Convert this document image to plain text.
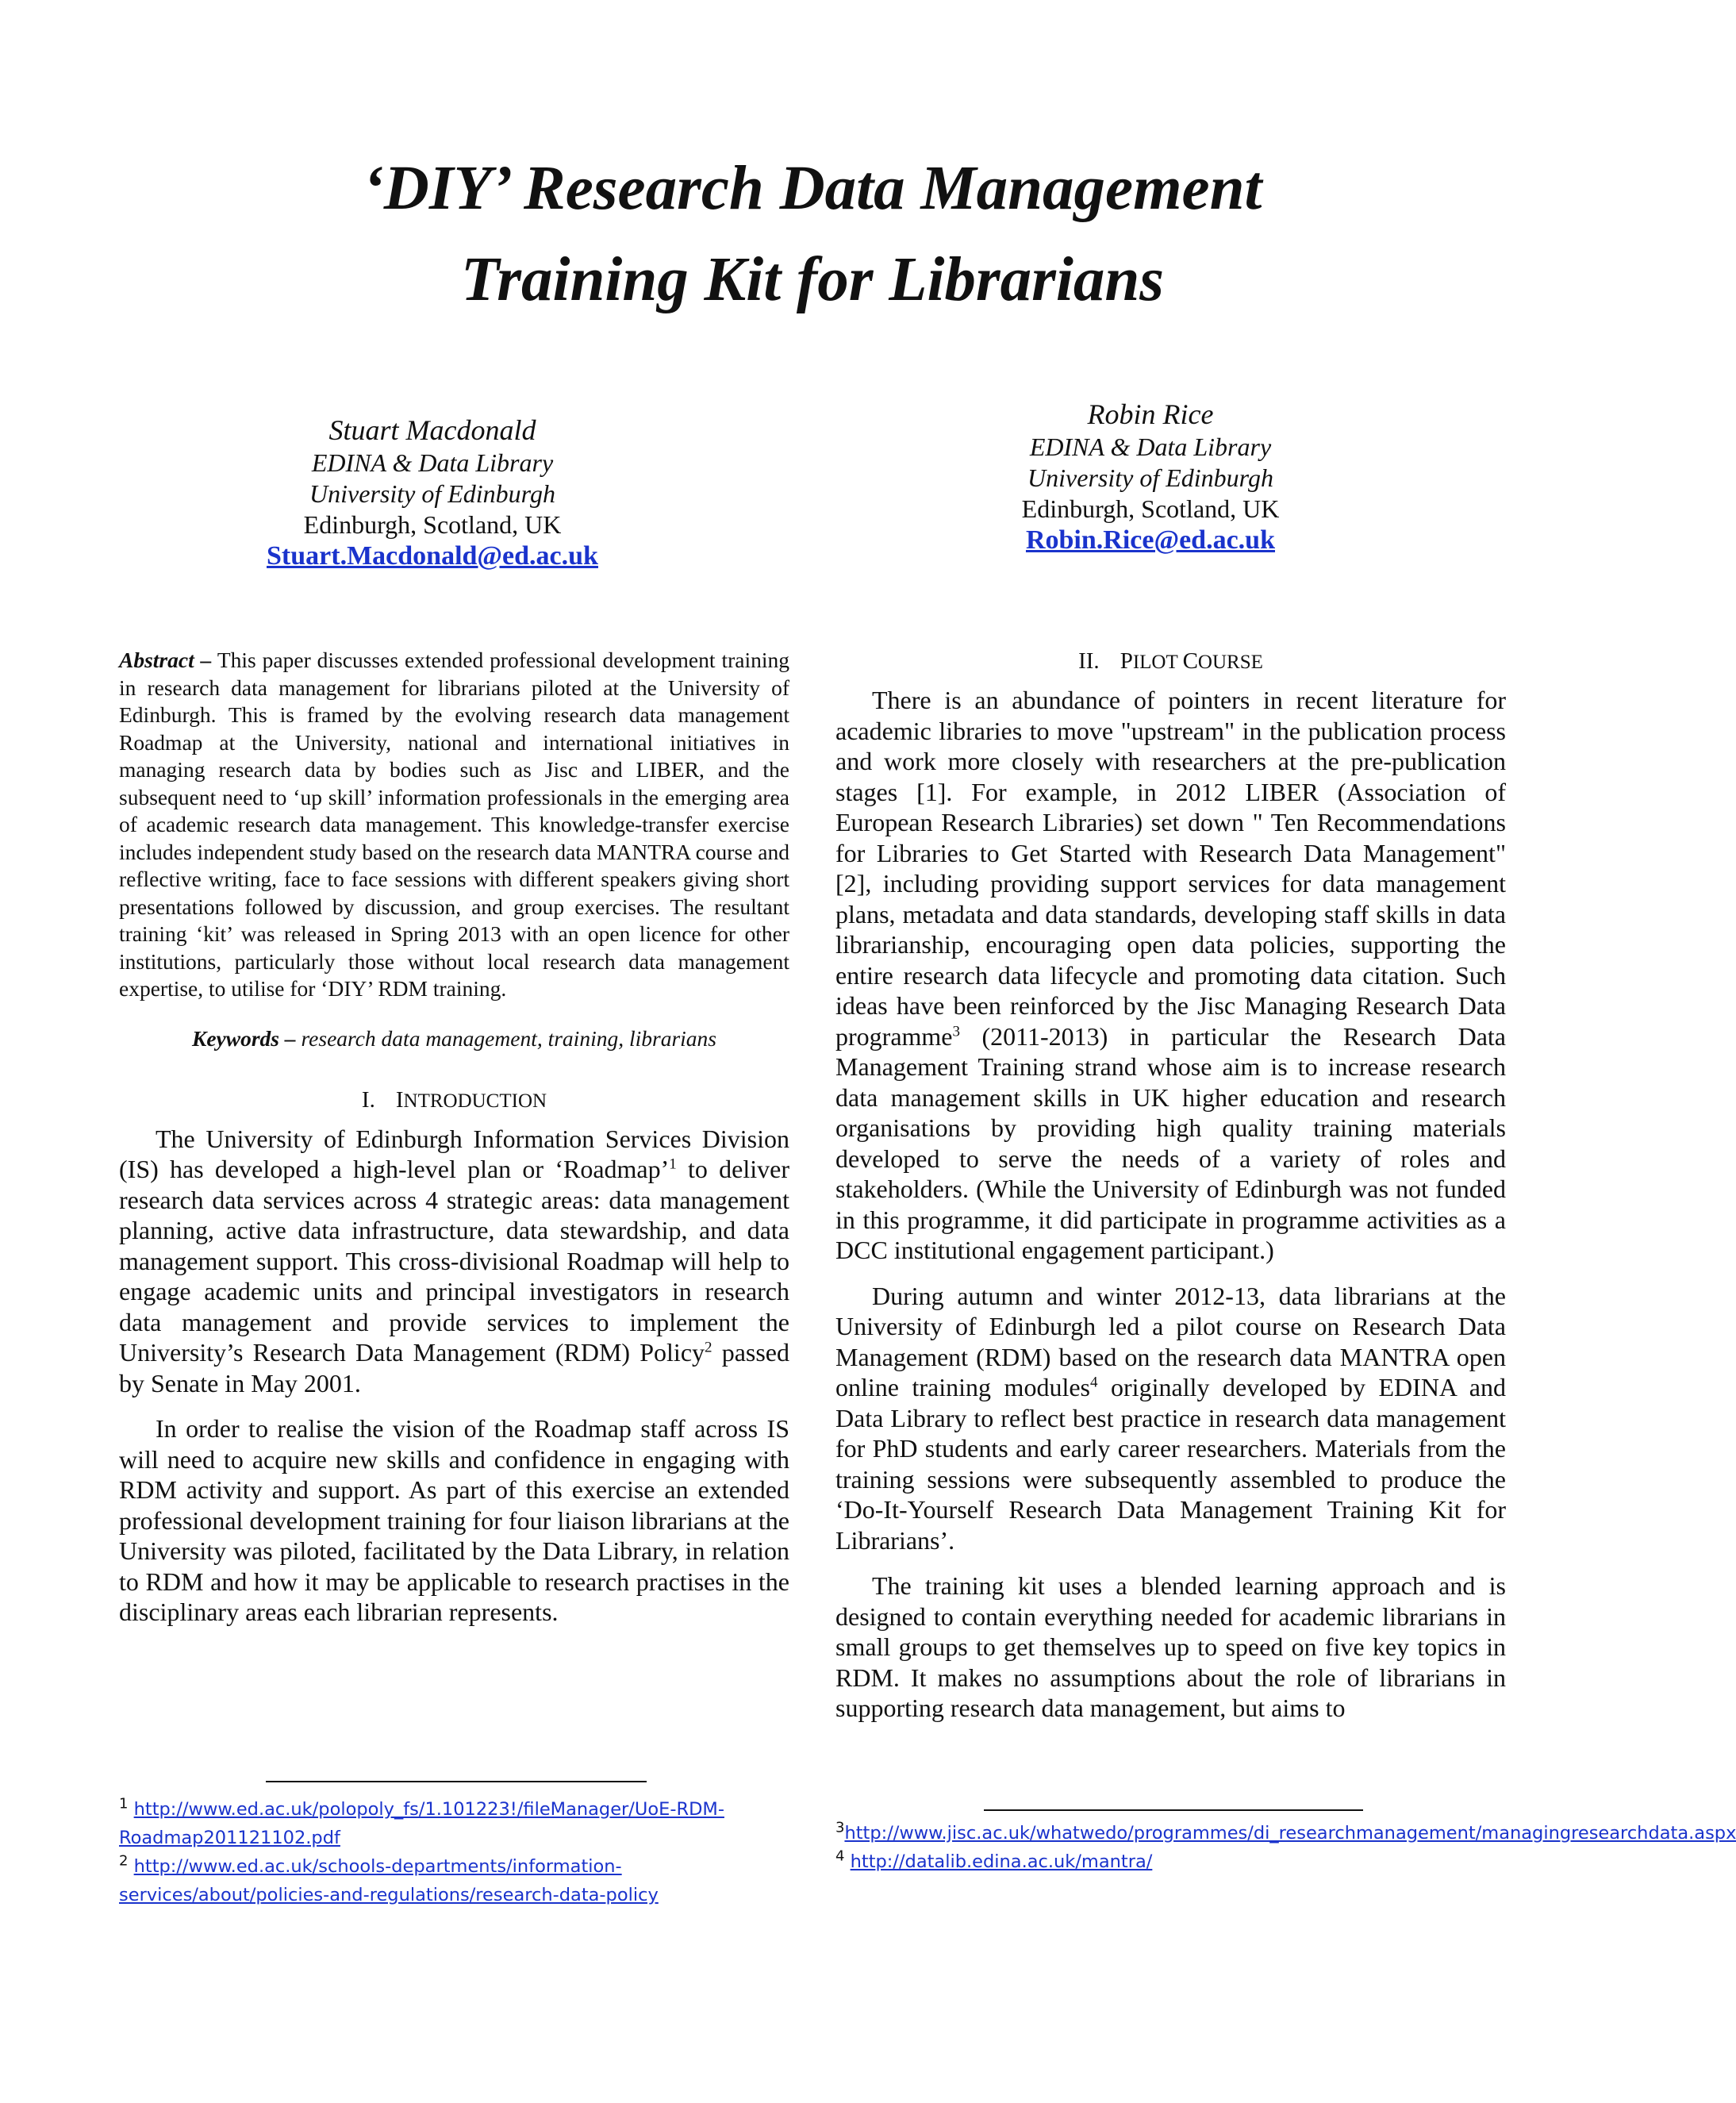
‘DIY’ Research Data Management
Training Kit for Librarians
Stuart Macdonald
EDINA & Data Library
University of Edinburgh
Edinburgh, Scotland, UK
Stuart.Macdonald@ed.ac.uk
Robin Rice
EDINA & Data Library
University of Edinburgh
Edinburgh, Scotland, UK
Robin.Rice@ed.ac.uk

Abstract – This paper discusses extended professional development training in research data management for librarians piloted at the University of Edinburgh. This is framed by the evolving research data management Roadmap at the University, national and international initiatives in managing research data by bodies such as Jisc and LIBER, and the subsequent need to ‘up skill’ information professionals in the emerging area of academic research data management. This knowledge-transfer exercise includes independent study based on the research data MANTRA course and reflective writing, face to face sessions with different speakers giving short presentations followed by discussion, and group exercises. The resultant training ‘kit’ was released in Spring 2013 with an open licence for other institutions, particularly those without local research data management expertise, to utilise for ‘DIY’ RDM training.

Keywords – research data management, training, librarians

I. INTRODUCTION

The University of Edinburgh Information Services Division (IS) has developed a high-level plan or ‘Roadmap’$^1$ to deliver research data services across 4 strategic areas: data management planning, active data infrastructure, data stewardship, and data management support. This cross-divisional Roadmap will help to engage academic units and principal investigators in research data management and provide services to implement the University’s Research Data Management (RDM) Policy$^2$ passed by Senate in May 2001.

In order to realise the vision of the Roadmap staff across IS will need to acquire new skills and confidence in engaging with RDM activity and support. As part of this exercise an extended professional development training for four liaison librarians at the University was piloted, facilitated by the Data Library, in relation to RDM and how it may be applicable to research practises in the disciplinary areas each librarian represents.

II. PILOT COURSE

There is an abundance of pointers in recent literature for academic libraries to move "upstream" in the publication process and work more closely with researchers at the pre-publication stages [1]. For example, in 2012 LIBER (Association of European Research Libraries) set down " Ten Recommendations for Libraries to Get Started with Research Data Management" [2], including providing support services for data management plans, metadata and data standards, developing staff skills in data librarianship, encouraging open data policies, supporting the entire research data lifecycle and promoting data citation. Such ideas have been reinforced by the Jisc Managing Research Data programme$^3$ (2011-2013) in particular the Research Data Management Training strand whose aim is to increase research data management skills in UK higher education and research organisations by providing high quality training materials developed to serve the needs of a variety of roles and stakeholders. (While the University of Edinburgh was not funded in this programme, it did participate in programme activities as a DCC institutional engagement participant.)

During autumn and winter 2012-13, data librarians at the University of Edinburgh led a pilot course on Research Data Management (RDM) based on the research data MANTRA open online training modules$^4$ originally developed by EDINA and Data Library to reflect best practice in research data management for PhD students and early career researchers. Materials from the training sessions were subsequently assembled to produce the ‘Do-It-Yourself Research Data Management Training Kit for Librarians’.

The training kit uses a blended learning approach and is designed to contain everything needed for academic librarians in small groups to get themselves up to speed on five key topics in RDM. It makes no assumptions about the role of librarians in supporting research data management, but aims to

$^1$ http://www.ed.ac.uk/polopoly_fs/1.101223!/fileManager/UoE-RDM-Roadmap201121102.pdf
$^2$ http://www.ed.ac.uk/schools-departments/information-services/about/policies-and-regulations/research-data-policy
$^3$http://www.jisc.ac.uk/whatwedo/programmes/di_researchmanagement/managingresearchdata.aspx
$^4$ http://datalib.edina.ac.uk/mantra/
